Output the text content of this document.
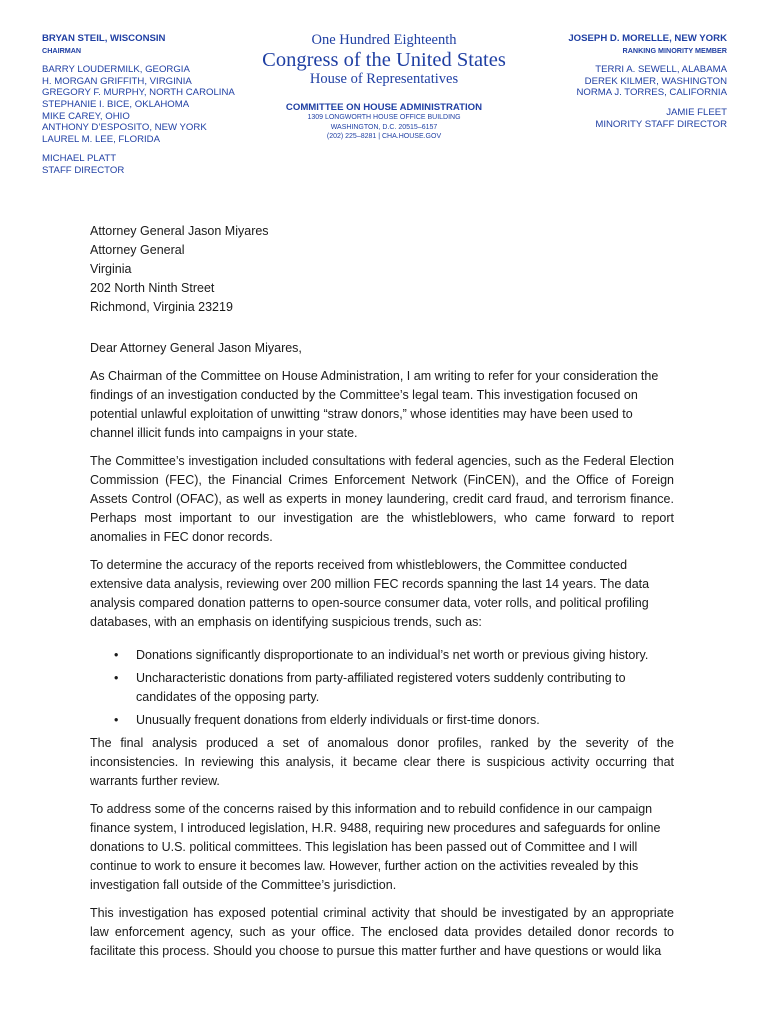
BRYAN STEIL, WISCONSIN
CHAIRMAN
BARRY LOUDERMILK, GEORGIA
H. MORGAN GRIFFITH, VIRGINIA
GREGORY F. MURPHY, NORTH CAROLINA
STEPHANIE I. BICE, OKLAHOMA
MIKE CAREY, OHIO
ANTHONY D’ESPOSITO, NEW YORK
LAUREL M. LEE, FLORIDA
MICHAEL PLATT
STAFF DIRECTOR
One Hundred Eighteenth
Congress of the United States
House of Representatives
COMMITTEE ON HOUSE ADMINISTRATION
1309 LONGWORTH HOUSE OFFICE BUILDING
WASHINGTON, D.C. 20515–6157
(202) 225–8281 | CHA.HOUSE.GOV
JOSEPH D. MORELLE, NEW YORK
RANKING MINORITY MEMBER
TERRI A. SEWELL, ALABAMA
DEREK KILMER, WASHINGTON
NORMA J. TORRES, CALIFORNIA
JAMIE FLEET
MINORITY STAFF DIRECTOR
Attorney General Jason Miyares
Attorney General
Virginia
202 North Ninth Street
Richmond, Virginia 23219
Dear Attorney General Jason Miyares,
As Chairman of the Committee on House Administration, I am writing to refer for your consideration the findings of an investigation conducted by the Committee’s legal team. This investigation focused on potential unlawful exploitation of unwitting “straw donors,” whose identities may have been used to channel illicit funds into campaigns in your state.
The Committee’s investigation included consultations with federal agencies, such as the Federal Election Commission (FEC), the Financial Crimes Enforcement Network (FinCEN), and the Office of Foreign Assets Control (OFAC), as well as experts in money laundering, credit card fraud, and terrorism finance. Perhaps most important to our investigation are the whistleblowers, who came forward to report anomalies in FEC donor records.
To determine the accuracy of the reports received from whistleblowers, the Committee conducted extensive data analysis, reviewing over 200 million FEC records spanning the last 14 years. The data analysis compared donation patterns to open-source consumer data, voter rolls, and political profiling databases, with an emphasis on identifying suspicious trends, such as:
• Donations significantly disproportionate to an individual’s net worth or previous giving history.
• Uncharacteristic donations from party-affiliated registered voters suddenly contributing to candidates of the opposing party.
• Unusually frequent donations from elderly individuals or first-time donors.
The final analysis produced a set of anomalous donor profiles, ranked by the severity of the inconsistencies. In reviewing this analysis, it became clear there is suspicious activity occurring that warrants further review.
To address some of the concerns raised by this information and to rebuild confidence in our campaign finance system, I introduced legislation, H.R. 9488, requiring new procedures and safeguards for online donations to U.S. political committees. This legislation has been passed out of Committee and I will continue to work to ensure it becomes law. However, further action on the activities revealed by this investigation fall outside of the Committee’s jurisdiction.
This investigation has exposed potential criminal activity that should be investigated by an appropriate law enforcement agency, such as your office. The enclosed data provides detailed donor records to facilitate this process. Should you choose to pursue this matter further and have questions or would lika
